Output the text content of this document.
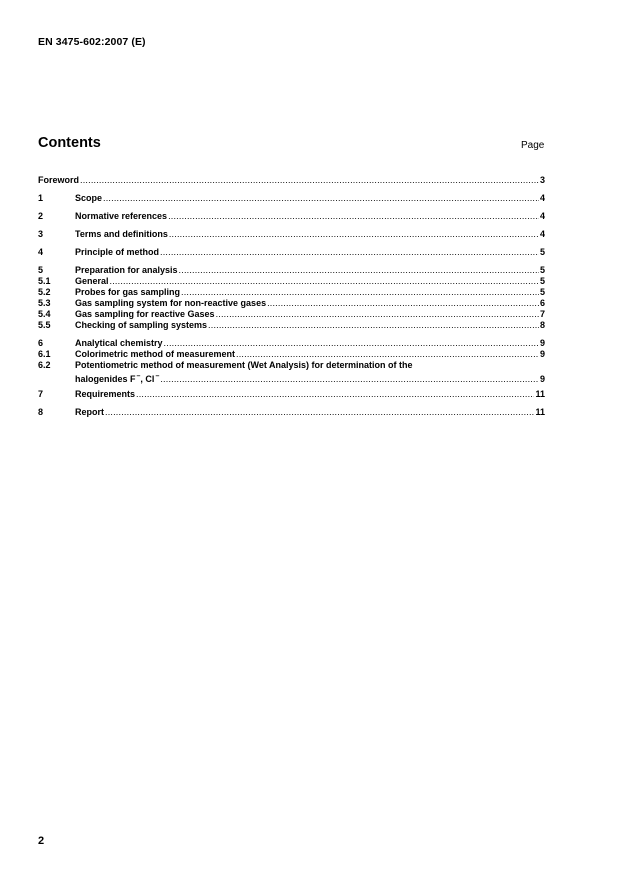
EN 3475-602:2007 (E)
Contents	Page
Foreword .....	3
1	Scope .....	4
2	Normative references .....	4
3	Terms and definitions .....	4
4	Principle of method .....	5
5	Preparation for analysis .....	5
5.1	General .....	5
5.2	Probes for gas sampling .....	5
5.3	Gas sampling system for non-reactive gases .....	6
5.4	Gas sampling for reactive Gases .....	7
5.5	Checking of sampling systems .....	8
6	Analytical chemistry .....	9
6.1	Colorimetric method of measurement .....	9
6.2	Potentiometric method of measurement (Wet Analysis) for determination of the
halogenides F–, Cl– .....	9
7	Requirements .....	11
8	Report .....	11
2
